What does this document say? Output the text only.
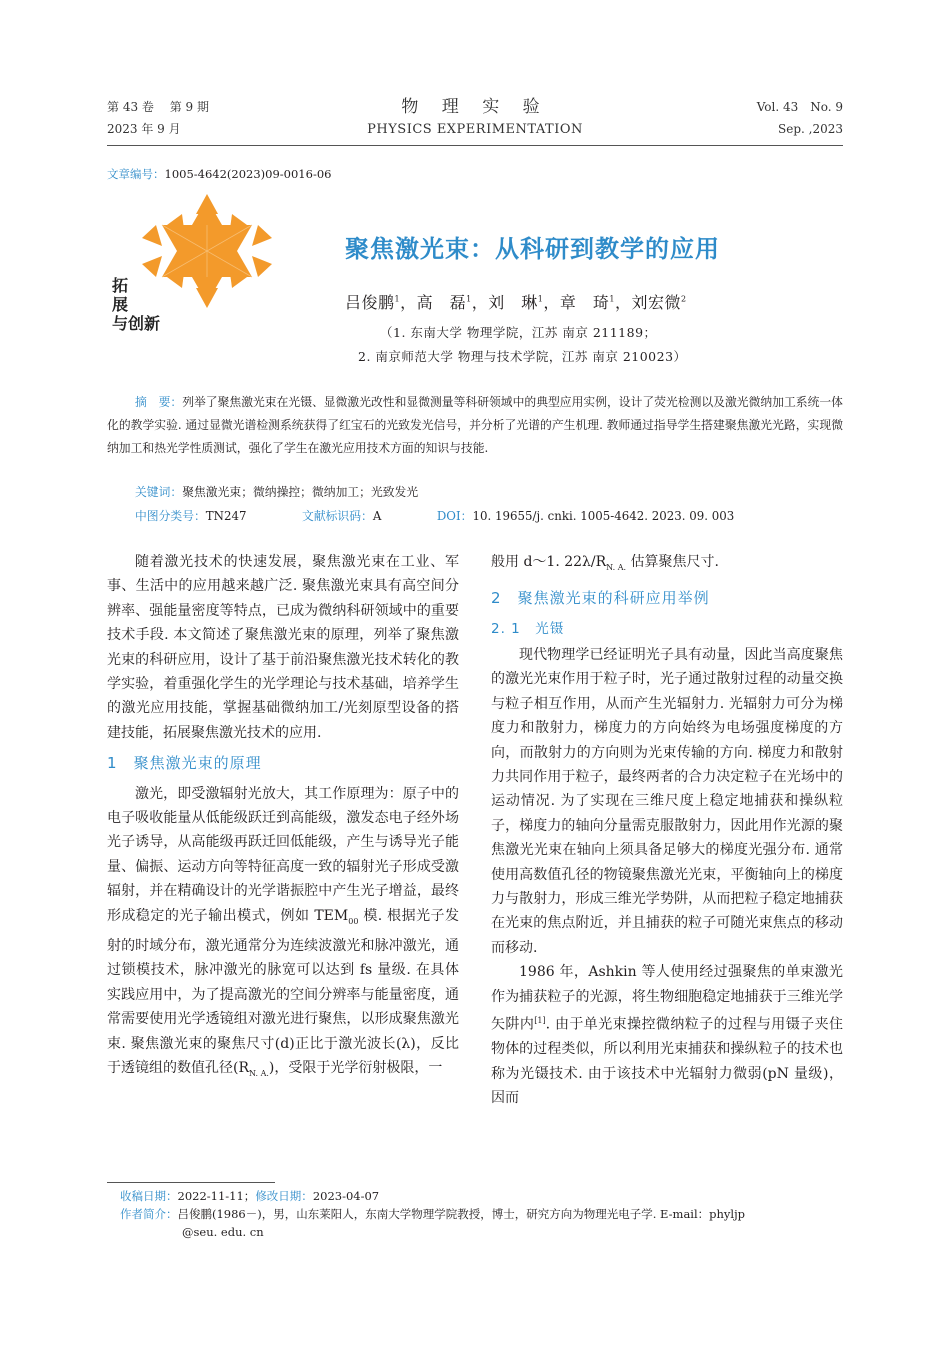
第 43 卷　 第 9 期
2023 年 9 月
物 理 实 验
PHYSICS EXPERIMENTATION
Vol. 43　No. 9
Sep. ,2023
文章编号：1005-4642(2023)09-0016-06
拓
展
与创新
聚焦激光束：从科研到教学的应用
吕俊鹏$^1$，高　磊$^1$，刘　琳$^1$，章　琦$^1$，刘宏微$^2$
（1. 东南大学 物理学院，江苏 南京 211189；
2. 南京师范大学 物理与技术学院，江苏 南京 210023）
摘　要：列举了聚焦激光束在光镊、显微激光改性和显微测量等科研领域中的典型应用实例，设计了荧光检测以及激光微纳加工系统一体化的教学实验. 通过显微光谱检测系统获得了红宝石的光致发光信号，并分析了光谱的产生机理. 教师通过指导学生搭建聚焦激光光路，实现微纳加工和热光学性质测试，强化了学生在激光应用技术方面的知识与技能.
关键词：聚焦激光束；微纳操控；微纳加工；光致发光
中图分类号：TN247	文献标识码：A	DOI：10. 19655/j. cnki. 1005-4642. 2023. 09. 003

随着激光技术的快速发展，聚焦激光束在工业、军事、生活中的应用越来越广泛. 聚焦激光束具有高空间分辨率、强能量密度等特点，已成为微纳科研领域中的重要技术手段. 本文简述了聚焦激光束的原理，列举了聚焦激光束的科研应用，设计了基于前沿聚焦激光技术转化的教学实验，着重强化学生的光学理论与技术基础，培养学生的激光应用技能，掌握基础微纳加工/光刻原型设备的搭建技能，拓展聚焦激光技术的应用.

1　 聚焦激光束的原理

激光，即受激辐射光放大，其工作原理为：原子中的电子吸收能量从低能级跃迁到高能级，激发态电子经外场光子诱导，从高能级再跃迁回低能级，产生与诱导光子能量、偏振、运动方向等特征高度一致的辐射光子形成受激辐射，并在精确设计的光学谐振腔中产生光子增益，最终形成稳定的光子输出模式，例如 $TEM_{00}$ 模. 根据光子发射的时域分布，激光通常分为连续波激光和脉冲激光，通过锁模技术，脉冲激光的脉宽可以达到 fs 量级. 在具体实践应用中，为了提高激光的空间分辨率与能量密度，通常需要使用光学透镜组对激光进行聚焦，以形成聚焦激光束. 聚焦激光束的聚焦尺寸(d)正比于激光波长(λ)，反比于透镜组的数值孔径$(R_{N. A.})$，受限于光学衍射极限，一

般用 d～1. $22\lambda/R_{N. A.}$ 估算聚焦尺寸.
2　 聚焦激光束的科研应用举例
2. 1　 光镊

现代物理学已经证明光子具有动量，因此当高度聚焦的激光光束作用于粒子时，光子通过散射过程的动量交换与粒子相互作用，从而产生光辐射力. 光辐射力可分为梯度力和散射力，梯度力的方向始终为电场强度梯度的方向，而散射力的方向则为光束传输的方向. 梯度力和散射力共同作用于粒子，最终两者的合力决定粒子在光场中的运动情况. 为了实现在三维尺度上稳定地捕获和操纵粒子，梯度力的轴向分量需克服散射力，因此用作光源的聚焦激光光束在轴向上须具备足够大的梯度光强分布. 通常使用高数值孔径的物镜聚焦激光光束，平衡轴向上的梯度力与散射力，形成三维光学势阱，从而把粒子稳定地捕获在光束的焦点附近，并且捕获的粒子可随光束焦点的移动而移动.

1986 年，Ashkin 等人使用经过强聚焦的单束激光作为捕获粒子的光源，将生物细胞稳定地捕获于三维光学矢阱内[1]. 由于单光束操控微纳粒子的过程与用镊子夹住物体的过程类似，所以利用光束捕获和操纵粒子的技术也称为光镊技术. 由于该技术中光辐射力微弱(pN 量级)，因而

收稿日期：2022-11-11；修改日期：2023-04-07
作者简介：吕俊鹏(1986－)，男，山东莱阳人，东南大学物理学院教授，博士，研究方向为物理光电子学. E-mail：phyljp
@seu. edu. cn
